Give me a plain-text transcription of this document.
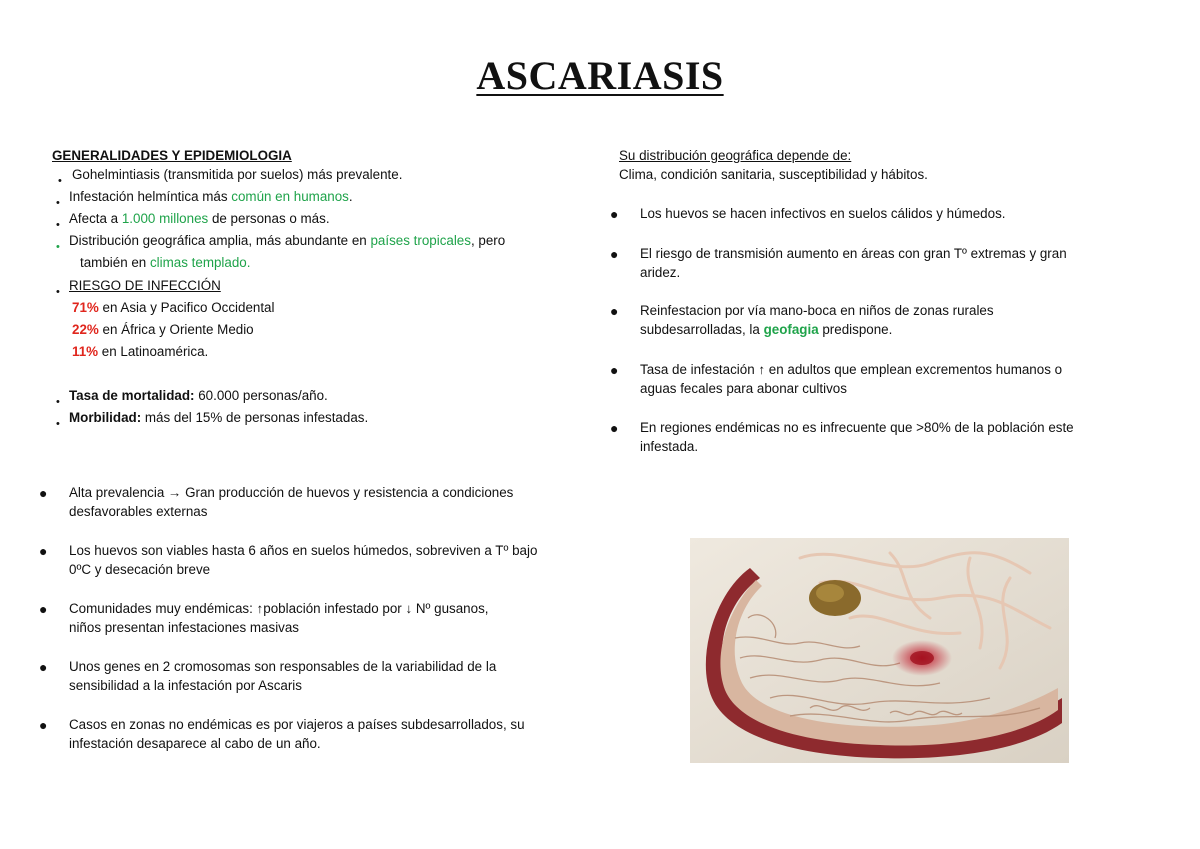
ASCARIASIS
GENERALIDADES Y EPIDEMIOLOGIA
• Gohelmintiasis (transmitida por suelos) más prevalente.
• Infestación helmíntica más común en humanos.
• Afecta a 1.000 millones de personas o más.
• Distribución geográfica amplia, más abundante en países tropicales, pero
también en climas templado.
• RIESGO DE INFECCIÓN
71% en Asia y Pacifico Occidental
22% en África y Oriente Medio
11% en Latinoamérica.
• Tasa de mortalidad: 60.000 personas/año.
• Morbilidad: más del 15% de personas infestadas.
● Alta prevalencia → Gran producción de huevos y resistencia a condiciones
desfavorables externas
● Los huevos son viables hasta 6 años en suelos húmedos, sobreviven a Tº bajo
0ºC y desecación breve
● Comunidades muy endémicas: ↑población infestado por ↓ Nº gusanos,
niños presentan infestaciones masivas
● Unos genes en 2 cromosomas son responsables de la variabilidad de la
sensibilidad a la infestación por Ascaris
● Casos en zonas no endémicas es por viajeros a países subdesarrollados, su
infestación desaparece al cabo de un año.
Su distribución geográfica depende de:
Clima, condición sanitaria, susceptibilidad y hábitos.
● Los huevos se hacen infectivos en suelos cálidos y húmedos.
● El riesgo de transmisión aumento en áreas con gran Tº extremas y gran
aridez.
● Reinfestacion por vía mano-boca en niños de zonas rurales
subdesarrolladas, la geofagia predispone.
● Tasa de infestación ↑ en adultos que emplean excrementos humanos o
aguas fecales para abonar cultivos
● En regiones endémicas no es infrecuente que >80% de la población este
infestada.
